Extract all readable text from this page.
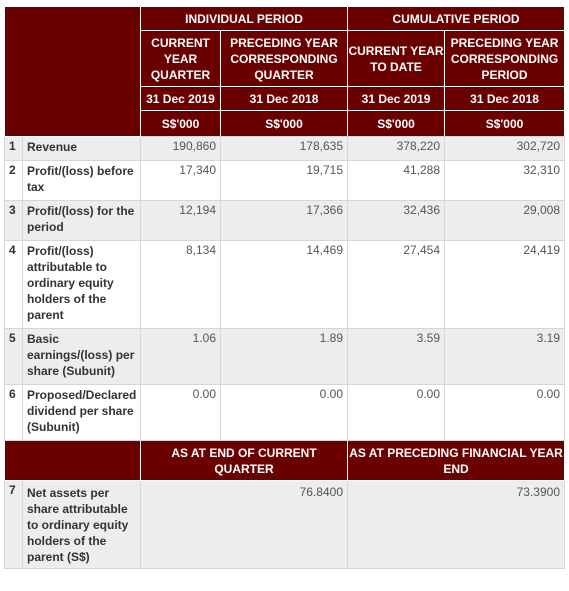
		INDIVIDUAL PERIOD		CUMULATIVE PERIOD	
		CURRENT YEAR QUARTER	PRECEDING YEAR CORRESPONDING QUARTER	CURRENT YEAR TO DATE	PRECEDING YEAR CORRESPONDING PERIOD
		31 Dec 2019	31 Dec 2018	31 Dec 2019	31 Dec 2018
		S$'000	S$'000	S$'000	S$'000

1	Revenue	190,860	178,635	378,220	302,720
2	Profit/(loss) before tax	17,340	19,715	41,288	32,310
3	Profit/(loss) for the period	12,194	17,366	32,436	29,008
4	Profit/(loss) attributable to ordinary equity holders of the parent	8,134	14,469	27,454	24,419
5	Basic earnings/(loss) per share (Subunit)	1.06	1.89	3.59	3.19
6	Proposed/Declared dividend per share (Subunit)	0.00	0.00	0.00	0.00
		AS AT END OF CURRENT QUARTER		AS AT PRECEDING FINANCIAL YEAR END	
7	Net assets per share attributable to ordinary equity holders of the parent (S$)	76.8400		73.3900	
